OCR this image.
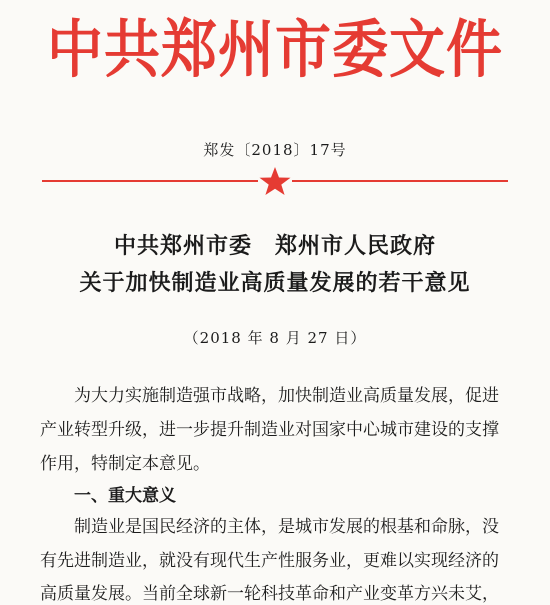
中共郑州市委文件
郑发〔2018〕17号
中共郑州市委　郑州市人民政府
关于加快制造业高质量发展的若干意见
（2018 年 8 月 27 日）
为大力实施制造强市战略，加快制造业高质量发展，促进
产业转型升级，进一步提升制造业对国家中心城市建设的支撑
作用，特制定本意见。
一、重大意义
制造业是国民经济的主体，是城市发展的根基和命脉，没
有先进制造业，就没有现代生产性服务业，更难以实现经济的
高质量发展。当前全球新一轮科技革命和产业变革方兴未艾，
